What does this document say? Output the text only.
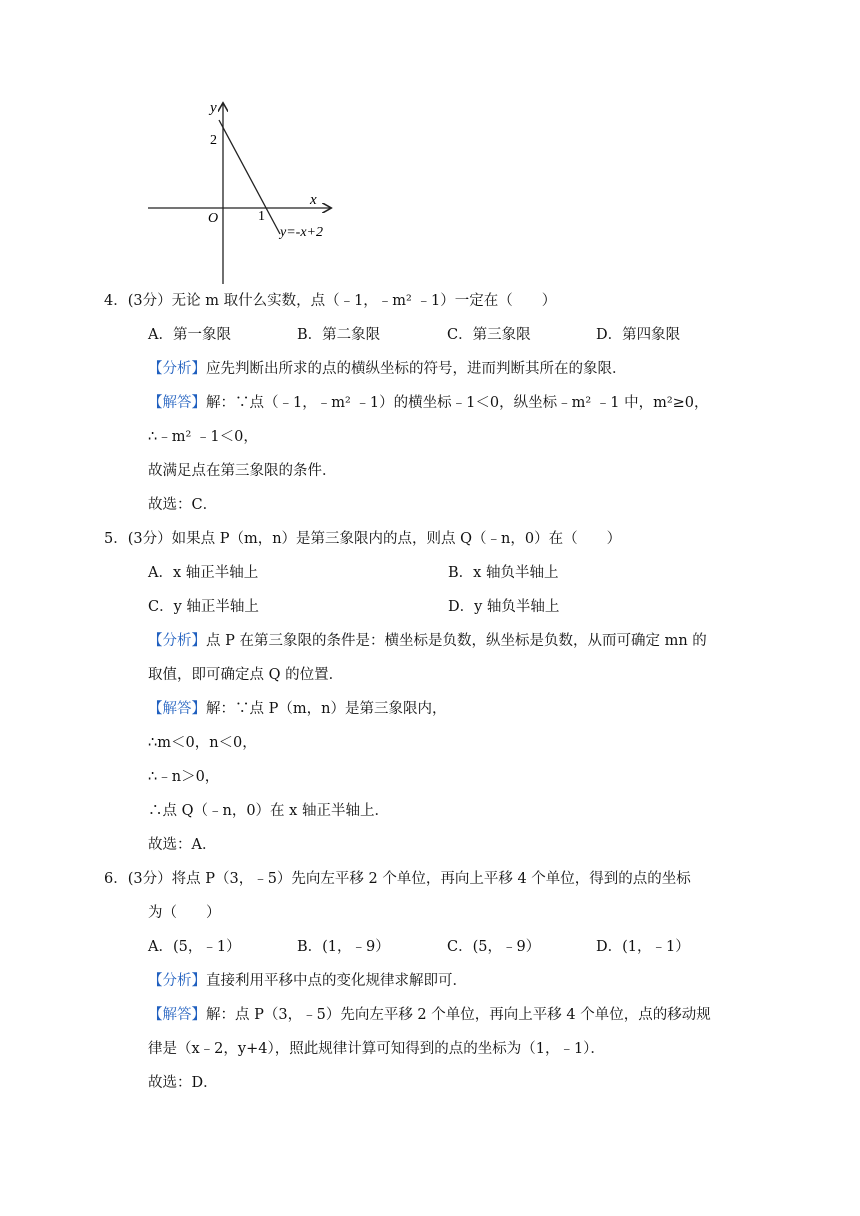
y
x
O
2
1
y=-x+2
4．(3分）无论 m 取什么实数，点（﹣1，﹣m² ﹣1）一定在（　　）
A．第一象限	B．第二象限	C．第三象限	D．第四象限
【分析】应先判断出所求的点的横纵坐标的符号，进而判断其所在的象限．
【解答】解：∵点（﹣1，﹣m² ﹣1）的横坐标﹣1＜0，纵坐标﹣m² ﹣1 中，m²≥0，
∴﹣m² ﹣1＜0，
故满足点在第三象限的条件．
故选：C．
5．(3分）如果点 P（m，n）是第三象限内的点，则点 Q（﹣n，0）在（　　）
A．x 轴正半轴上	B．x 轴负半轴上
C．y 轴正半轴上	D．y 轴负半轴上
【分析】点 P 在第三象限的条件是：横坐标是负数，纵坐标是负数，从而可确定 mn 的
取值，即可确定点 Q 的位置．
【解答】解：∵点 P（m，n）是第三象限内，
∴m＜0，n＜0，
∴﹣n＞0，
∴点 Q（﹣n，0）在 x 轴正半轴上．
故选：A．
6．(3分）将点 P（3，﹣5）先向左平移 2 个单位，再向上平移 4 个单位，得到的点的坐标
为（　　）
A．(5，﹣1）	B．(1，﹣9）	C．(5，﹣9）	D．(1，﹣1）
【分析】直接利用平移中点的变化规律求解即可．
【解答】解：点 P（3，﹣5）先向左平移 2 个单位，再向上平移 4 个单位，点的移动规
律是（x﹣2，y+4），照此规律计算可知得到的点的坐标为（1，﹣1）．
故选：D．
